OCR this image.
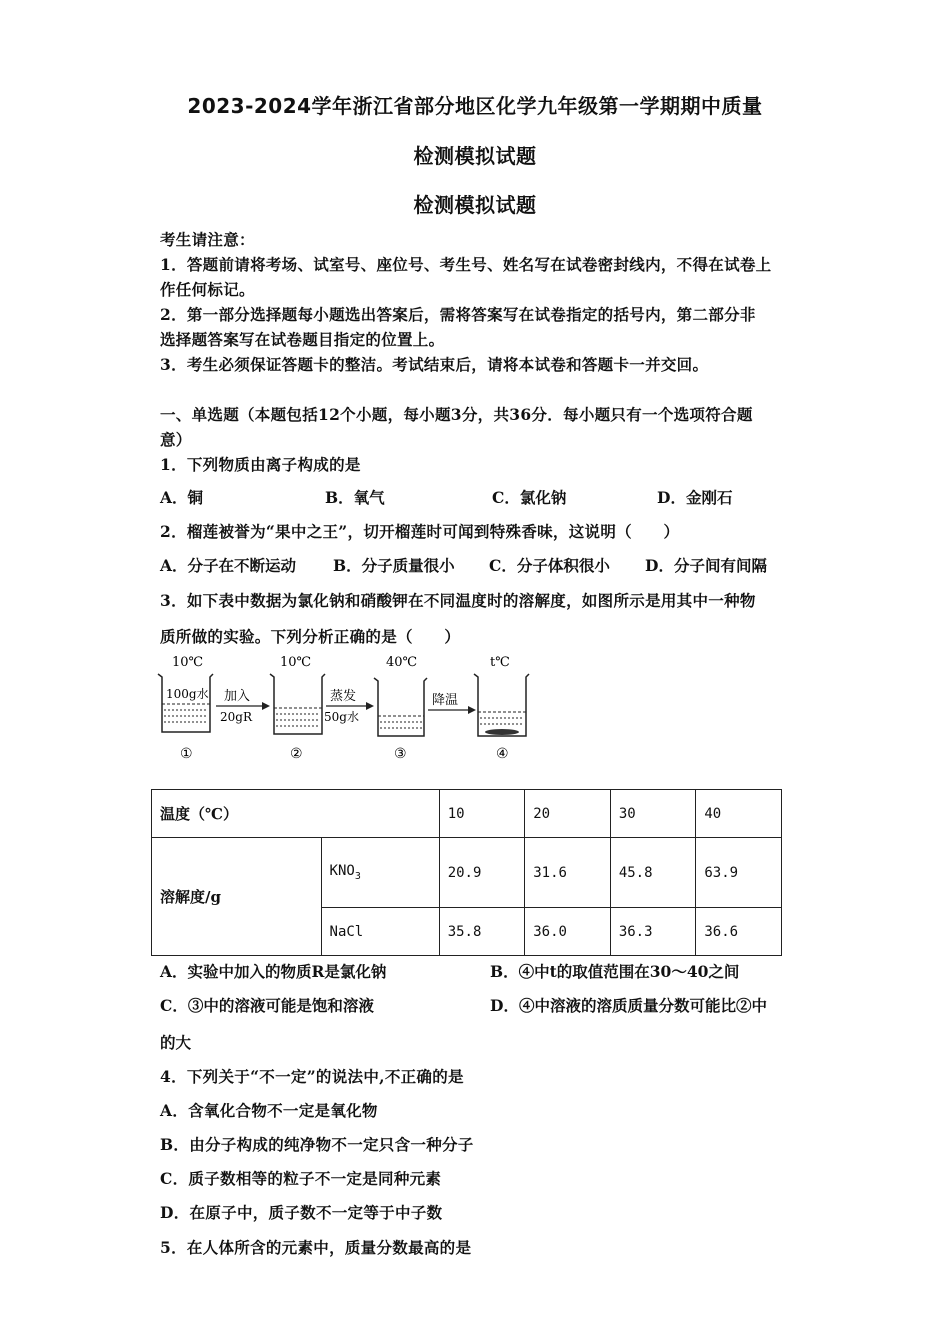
2023-2024学年浙江省部分地区化学九年级第一学期期中质量
检测模拟试题
检测模拟试题
考生请注意：
1．答题前请将考场、试室号、座位号、考生号、姓名写在试卷密封线内，不得在试卷上
作任何标记。
2．第一部分选择题每小题选出答案后，需将答案写在试卷指定的括号内，第二部分非
选择题答案写在试卷题目指定的位置上。
3．考生必须保证答题卡的整洁。考试结束后，请将本试卷和答题卡一并交回。
一、单选题（本题包括12个小题，每小题3分，共36分．每小题只有一个选项符合题
意）
1．下列物质由离子构成的是
A．铜	B．氧气	C．氯化钠	D．金刚石
2．榴莲被誉为“果中之王”，切开榴莲时可闻到特殊香味，这说明（　　）
A．分子在不断运动 B．分子质量很小 C．分子体积很小 D．分子间有间隔
3．如下表中数据为氯化钠和硝酸钾在不同温度时的溶解度，如图所示是用其中一种物
质所做的实验。下列分析正确的是（　　）
10℃	10℃	40℃	t℃
100g水 加入
20gR
蒸发
50g水
降温
①	②	③	④
温度（℃）		10	20	30	40
溶解度/g	$KNO_3$	20.9	31.6	45.8	63.9
	NaCl	35.8	36.0	36.3	36.6
A．实验中加入的物质R是氯化钠	B．④中t的取值范围在30～40之间
C．③中的溶液可能是饱和溶液	D．④中溶液的溶质质量分数可能比②中
的大
4．下列关于“不一定”的说法中,不正确的是
A．含氧化合物不一定是氧化物
B．由分子构成的纯净物不一定只含一种分子
C．质子数相等的粒子不一定是同种元素
D．在原子中，质子数不一定等于中子数
5．在人体所含的元素中，质量分数最高的是
